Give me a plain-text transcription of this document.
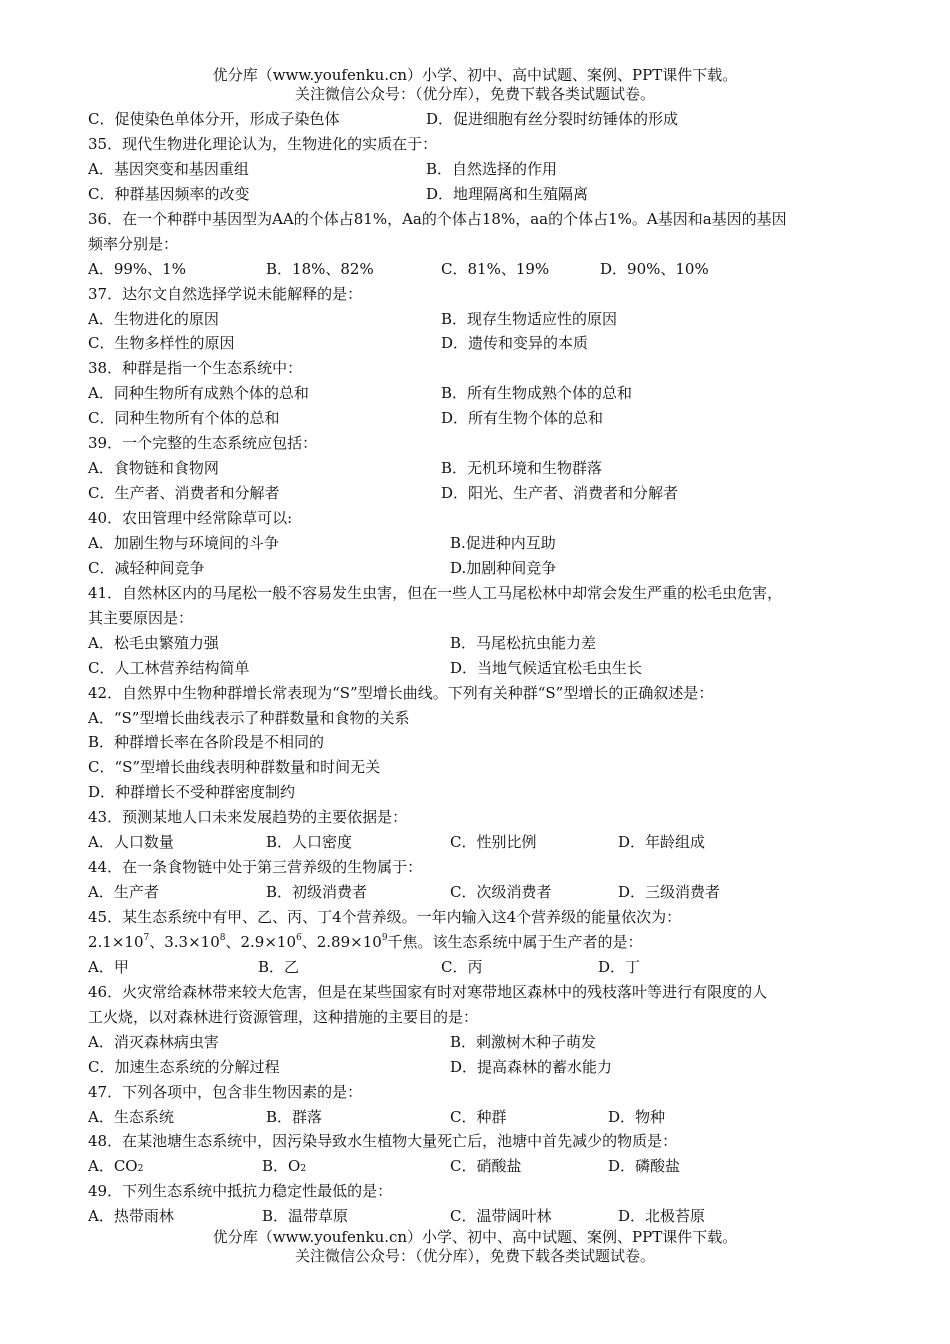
优分库（www.youfenku.cn）小学、初中、高中试题、案例、PPT课件下载。
关注微信公众号：（优分库），免费下载各类试题试卷。
C．促使染色单体分开，形成子染色体	D．促进细胞有丝分裂时纺锤体的形成
35．现代生物进化理论认为，生物进化的实质在于：
A．基因突变和基因重组	B．自然选择的作用
C．种群基因频率的改变	D．地理隔离和生殖隔离
36．在一个种群中基因型为AA的个体占81%，Aa的个体占18%，aa的个体占1%。A基因和a基因的基因
频率分别是：
A．99%、1%	B．18%、82%	C．81%、19%	D．90%、10%
37．达尔文自然选择学说未能解释的是：
A．生物进化的原因	B．现存生物适应性的原因
C．生物多样性的原因	D．遗传和变异的本质
38．种群是指一个生态系统中：
A．同种生物所有成熟个体的总和	B．所有生物成熟个体的总和
C．同种生物所有个体的总和	D．所有生物个体的总和
39．一个完整的生态系统应包括：
A．食物链和食物网	B．无机环境和生物群落
C．生产者、消费者和分解者	D．阳光、生产者、消费者和分解者
40．农田管理中经常除草可以:
A．加剧生物与环境间的斗争	B.促进种内互助
C．减轻种间竞争	D.加剧种间竞争
41．自然林区内的马尾松一般不容易发生虫害，但在一些人工马尾松林中却常会发生严重的松毛虫危害，
其主要原因是：
A．松毛虫繁殖力强	B．马尾松抗虫能力差
C．人工林营养结构简单	D．当地气候适宜松毛虫生长
42．自然界中生物种群增长常表现为“S”型增长曲线。下列有关种群“S”型增长的正确叙述是：
A．“S”型增长曲线表示了种群数量和食物的关系
B．种群增长率在各阶段是不相同的
C．“S”型增长曲线表明种群数量和时间无关
D．种群增长不受种群密度制约
43．预测某地人口未来发展趋势的主要依据是：
A．人口数量	B．人口密度	C．性别比例	D．年龄组成
44．在一条食物链中处于第三营养级的生物属于：
A．生产者	B．初级消费者	C．次级消费者	D．三级消费者
45．某生态系统中有甲、乙、丙、丁4个营养级。一年内输入这4个营养级的能量依次为：
$2.1\times 10^7$、$3.3\times 10^8$、$2.9\times 10^6$、$2.89\times 10^9$千焦。该生态系统中属于生产者的是：
A．甲	B．乙	C．丙	D．丁
46．火灾常给森林带来较大危害，但是在某些国家有时对寒带地区森林中的残枝落叶等进行有限度的人
工火烧，以对森林进行资源管理，这种措施的主要目的是：
A．消灭森林病虫害	B．刺激树木种子萌发
C．加速生态系统的分解过程	D．提高森林的蓄水能力
47．下列各项中，包含非生物因素的是：
A．生态系统	B．群落	C．种群	D．物种
48．在某池塘生态系统中，因污染导致水生植物大量死亡后，池塘中首先减少的物质是：
A．$CO_2$	B．$O_2$	C．硝酸盐	D．磷酸盐
49．下列生态系统中抵抗力稳定性最低的是：
A．热带雨林	B．温带草原	C．温带阔叶林	D．北极苔原
优分库（www.youfenku.cn）小学、初中、高中试题、案例、PPT课件下载。
关注微信公众号：（优分库），免费下载各类试题试卷。
